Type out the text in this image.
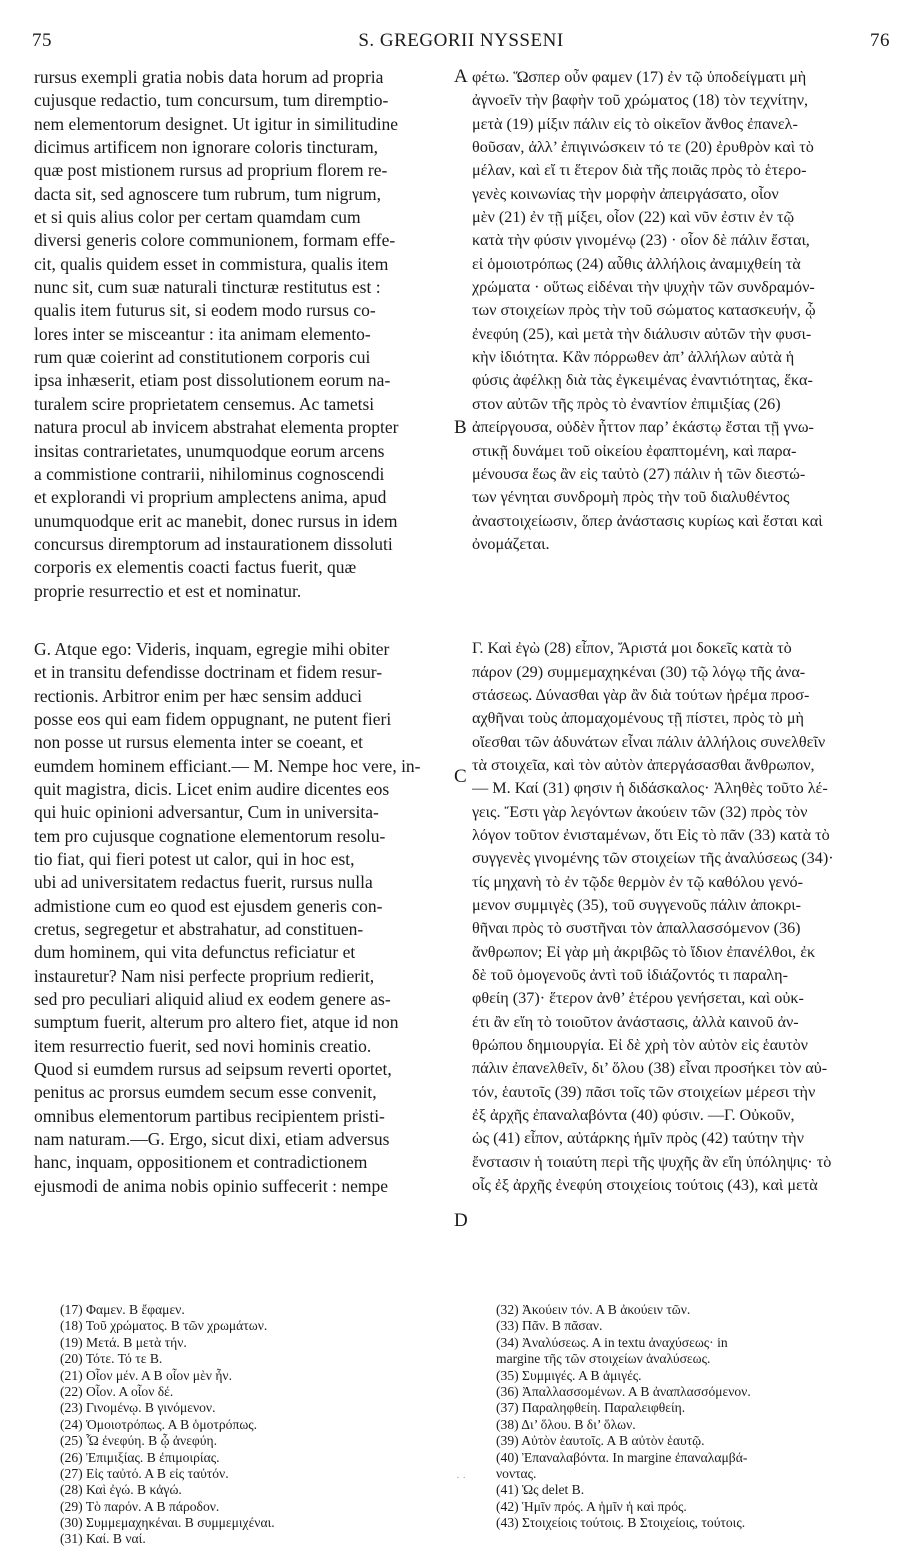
75	S. GREGORII NYSSENI	76
rursus exempli gratia nobis data horum ad propria
cujusque redactio, tum concursum, tum diremptio-
nem elementorum designet. Ut igitur in similitudine
dicimus artificem non ignorare coloris tincturam,
quæ post mistionem rursus ad proprium florem re-
dacta sit, sed agnoscere tum rubrum, tum nigrum,
et si quis alius color per certam quamdam cum
diversi generis colore communionem, formam effe-
cit, qualis quidem esset in commistura, qualis item
nunc sit, cum suæ naturali tincturæ restitutus est :
qualis item futurus sit, si eodem modo rursus co-
lores inter se misceantur : ita animam elemento-
rum quæ coierint ad constitutionem corporis cui
ipsa inhæserit, etiam post dissolutionem eorum na-
turalem scire proprietatem censemus. Ac tametsi
natura procul ab invicem abstrahat elementa propter
insitas contrarietates, unumquodque eorum arcens
a commistione contrarii, nihilominus cognoscendi
et explorandi vi proprium amplectens anima, apud
unumquodque erit ac manebit, donec rursus in idem
concursus diremptorum ad instaurationem dissoluti
corporis ex elementis coacti factus fuerit, quæ
proprie resurrectio et est et nominatur.
G. Atque ego: Videris, inquam, egregie mihi obiter
et in transitu defendisse doctrinam et fidem resur-
rectionis. Arbitror enim per hæc sensim adduci
posse eos qui eam fidem oppugnant, ne putent fieri
non posse ut rursus elementa inter se coeant, et
eumdem hominem efficiant.— M. Nempe hoc vere, in-
quit magistra, dicis. Licet enim audire dicentes eos
qui huic opinioni adversantur, Cum in universita-
tem pro cujusque cognatione elementorum resolu-
tio fiat, qui fieri potest ut calor, qui in hoc est,
ubi ad universitatem redactus fuerit, rursus nulla
admistione cum eo quod est ejusdem generis con-
cretus, segregetur et abstrahatur, ad constituen-
dum hominem, qui vita defunctus reficiatur et
instauretur? Nam nisi perfecte proprium redierit,
sed pro peculiari aliquid aliud ex eodem genere as-
sumptum fuerit, alterum pro altero fiet, atque id non
item resurrectio fuerit, sed novi hominis creatio.
Quod si eumdem rursus ad seipsum reverti oportet,
penitus ac prorsus eumdem secum esse convenit,
omnibus elementorum partibus recipientem pristi-
nam naturam.—G. Ergo, sicut dixi, etiam adversus
hanc, inquam, oppositionem et contradictionem
ejusmodi de anima nobis opinio suffecerit : nempe
A
B
C
D
φέτω. Ὥσπερ οὖν φαμεν (17) ἐν τῷ ὑποδείγματι μὴ
ἀγνοεῖν τὴν βαφὴν τοῦ χρώματος (18) τὸν τεχνίτην,
μετὰ (19) μίξιν πάλιν εἰς τὸ οἰκεῖον ἄνθος ἐπανελ-
θοῦσαν, ἀλλ’ ἐπιγινώσκειν τό τε (20) ἐρυθρὸν καὶ τὸ
μέλαν, καὶ εἴ τι ἕτερον διὰ τῆς ποιᾶς πρὸς τὸ ἑτερο-
γενὲς κοινωνίας τὴν μορφὴν ἀπειργάσατο, οἷον
μὲν (21) ἐν τῇ μίξει, οἷον (22) καὶ νῦν ἐστιν ἐν τῷ
κατὰ τὴν φύσιν γινομένῳ (23) · οἷον δὲ πάλιν ἔσται,
εἰ ὁμοιοτρόπως (24) αὖθις ἀλλήλοις ἀναμιχθείη τὰ
χρώματα · οὕτως εἰδέναι τὴν ψυχὴν τῶν συνδραμόν-
των στοιχείων πρὸς τὴν τοῦ σώματος κατασκευήν, ᾧ
ἐνεφύη (25), καὶ μετὰ τὴν διάλυσιν αὐτῶν τὴν φυσι-
κὴν ἰδιότητα. Κἂν πόρρωθεν ἀπ’ ἀλλήλων αὐτὰ ἡ
φύσις ἀφέλκῃ διὰ τὰς ἐγκειμένας ἐναντιότητας, ἕκα-
στον αὐτῶν τῆς πρὸς τὸ ἐναντίον ἐπιμιξίας (26)
ἀπείργουσα, οὐδὲν ἧττον παρ’ ἑκάστῳ ἔσται τῇ γνω-
στικῇ δυνάμει τοῦ οἰκείου ἐφαπτομένη, καὶ παρα-
μένουσα ἕως ἂν εἰς ταὐτὸ (27) πάλιν ἡ τῶν διεστώ-
των γένηται συνδρομὴ πρὸς τὴν τοῦ διαλυθέντος
ἀναστοιχείωσιν, ὅπερ ἀνάστασις κυρίως καὶ ἔσται καὶ
ὀνομάζεται.
Γ. Καὶ ἐγὼ (28) εἶπον, Ἄριστά μοι δοκεῖς κατὰ τὸ
πάρον (29) συμμεμαχηκέναι (30) τῷ λόγῳ τῆς ἀνα-
στάσεως. Δύνασθαι γὰρ ἂν διὰ τούτων ἠρέμα προσ-
αχθῆναι τοὺς ἀπομαχομένους τῇ πίστει, πρὸς τὸ μὴ
οἴεσθαι τῶν ἀδυνάτων εἶναι πάλιν ἀλλήλοις συνελθεῖν
τὰ στοιχεῖα, καὶ τὸν αὐτὸν ἀπεργάσασθαι ἄνθρωπον,
— Μ. Καί (31) φησιν ἡ διδάσκαλος· Ἀληθὲς τοῦτο λέ-
γεις. Ἔστι γὰρ λεγόντων ἀκούειν τῶν (32) πρὸς τὸν
λόγον τοῦτον ἐνισταμένων, ὅτι Εἰς τὸ πᾶν (33) κατὰ τὸ
συγγενὲς γινομένης τῶν στοιχείων τῆς ἀναλύσεως (34)·
τίς μηχανὴ τὸ ἐν τῷδε θερμὸν ἐν τῷ καθόλου γενό-
μενον συμμιγὲς (35), τοῦ συγγενοῦς πάλιν ἀποκρι-
θῆναι πρὸς τὸ συστῆναι τὸν ἀπαλλασσόμενον (36)
ἄνθρωπον; Εἰ γὰρ μὴ ἀκριβῶς τὸ ἴδιον ἐπανέλθοι, ἐκ
δὲ τοῦ ὁμογενοῦς ἀντὶ τοῦ ἰδιάζοντός τι παραλη-
φθείη (37)· ἕτερον ἀνθ’ ἑτέρου γενήσεται, καὶ οὐκ-
έτι ἂν εἴη τὸ τοιοῦτον ἀνάστασις, ἀλλὰ καινοῦ ἀν-
θρώπου δημιουργία. Εἰ δὲ χρὴ τὸν αὐτὸν εἰς ἑαυτὸν
πάλιν ἐπανελθεῖν, δι’ ὅλου (38) εἶναι προσήκει τὸν αὐ-
τόν, ἑαυτοῖς (39) πᾶσι τοῖς τῶν στοιχείων μέρεσι τὴν
ἐξ ἀρχῆς ἐπαναλαβόντα (40) φύσιν. —Γ. Οὐκοῦν,
ὡς (41) εἶπον, αὐτάρκης ἡμῖν πρὸς (42) ταύτην τὴν
ἔνστασιν ἡ τοιαύτη περὶ τῆς ψυχῆς ἂν εἴη ὑπόληψις· τὸ
οἷς ἐξ ἀρχῆς ἐνεφύη στοιχείοις τούτοις (43), καὶ μετὰ
(17) Φαμεν. Β ἔφαμεν.
(18) Τοῦ χρώματος. Β τῶν χρωμάτων.
(19) Μετά. Β μετὰ τήν.
(20) Τότε. Τό τε Β.
(21) Οἷον μέν. Α Β οἷον μὲν ἦν.
(22) Οἷον. Α οἷον δέ.
(23) Γινομένῳ. Β γινόμενον.
(24) Ὁμοιοτρόπως. Α Β ὁμοτρόπως.
(25) Ὧ ἐνεφύη. Β ᾧ ἀνεφύη.
(26) Ἐπιμιξίας. Β ἐπιμοιρίας.
(27) Εἰς ταὐτό. Α Β εἰς ταὐτόν.
(28) Καὶ ἐγώ. Β κἀγώ.
(29) Τὸ παρόν. Α Β πάροδον.
(30) Συμμεμαχηκέναι. Β συμμεμιχέναι.
(31) Καί. Β ναί.
(32) Ἀκούειν τόν. Α Β ἀκούειν τῶν.
(33) Πᾶν. Β πᾶσαν.
(34) Ἀναλύσεως. Α in textu ἀναχύσεως· in
margine τῆς τῶν στοιχείων ἀναλύσεως.
(35) Συμμιγές. Α Β ἀμιγές.
(36) Ἀπαλλασσομένων. Α Β ἀναπλασσόμενον.
(37) Παραληφθείη. Παραλειφθείη.
(38) Δι’ ὅλου. Β δι’ ὅλων.
(39) Αὐτὸν ἑαυτοῖς. Α Β αὐτὸν ἑαυτῷ.
(40) Ἐπαναλαβόντα. In margine ἐπαναλαμβά-
νοντας.
(41) Ὡς delet Β.
(42) Ἡμῖν πρός. Α ἡμῖν ἡ καὶ πρός.
(43) Στοιχείοις τούτοις. Β Στοιχείοις, τούτοις.
· ·
